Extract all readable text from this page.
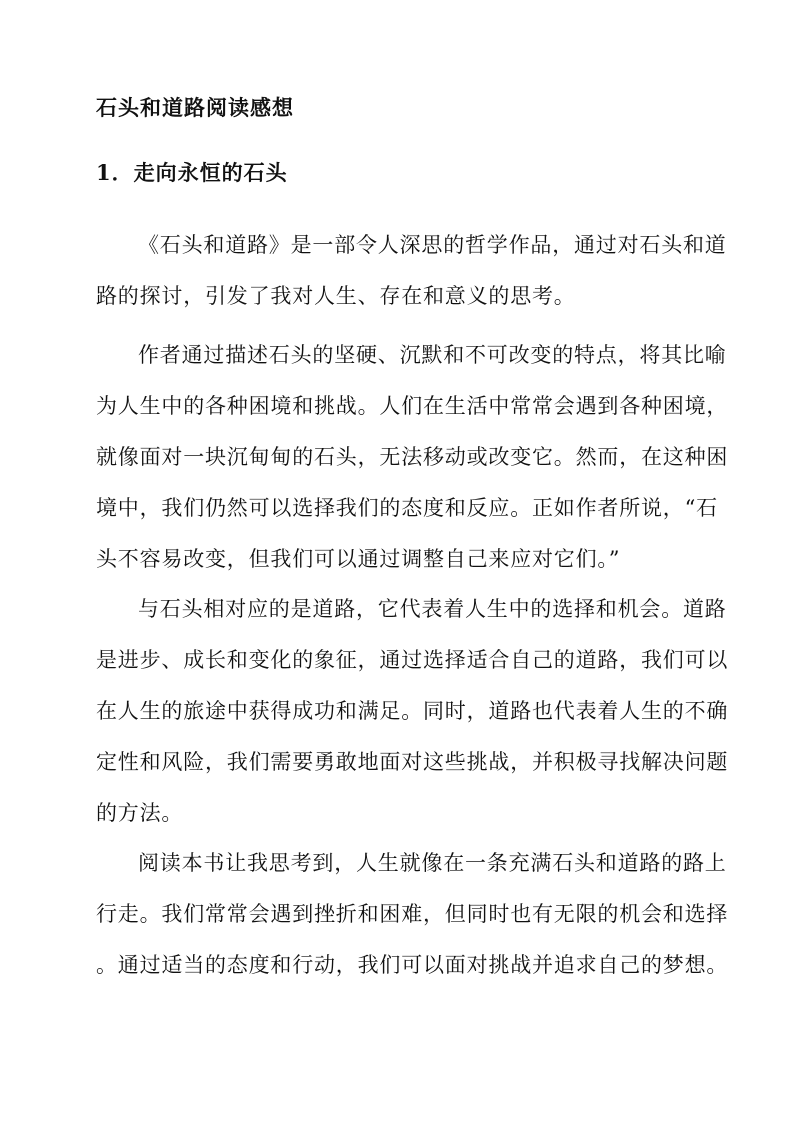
石头和道路阅读感想
1．走向永恒的石头
《石头和道路》是一部令人深思的哲学作品，通过对石头和道
路的探讨，引发了我对人生、存在和意义的思考。
作者通过描述石头的坚硬、沉默和不可改变的特点，将其比喻
为人生中的各种困境和挑战。人们在生活中常常会遇到各种困境，
就像面对一块沉甸甸的石头，无法移动或改变它。然而，在这种困
境中，我们仍然可以选择我们的态度和反应。正如作者所说，“石
头不容易改变，但我们可以通过调整自己来应对它们。”
与石头相对应的是道路，它代表着人生中的选择和机会。道路
是进步、成长和变化的象征，通过选择适合自己的道路，我们可以
在人生的旅途中获得成功和满足。同时，道路也代表着人生的不确
定性和风险，我们需要勇敢地面对这些挑战，并积极寻找解决问题
的方法。
阅读本书让我思考到，人生就像在一条充满石头和道路的路上
行走。我们常常会遇到挫折和困难，但同时也有无限的机会和选择
。通过适当的态度和行动，我们可以面对挑战并追求自己的梦想。
